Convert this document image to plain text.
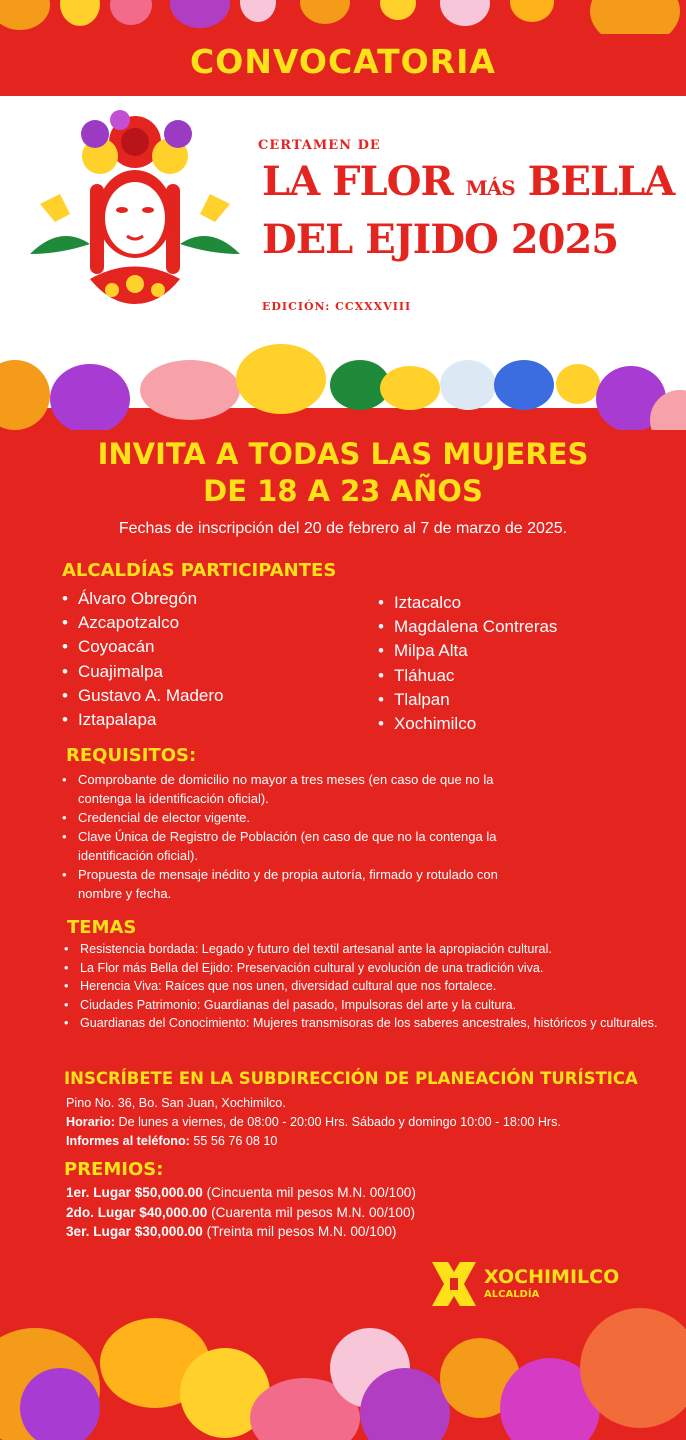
CONVOCATORIA
CERTAMEN DE
LA FLOR MÁS BELLA
DEL EJIDO 2025
EDICIÓN: CCXXXVIII
INVITA A TODAS LAS MUJERES
DE 18 A 23 AÑOS
Fechas de inscripción del 20 de febrero al 7 de marzo de 2025.
ALCALDÍAS PARTICIPANTES
• Álvaro Obregón
• Azcapotzalco
• Coyoacán
• Cuajimalpa
• Gustavo A. Madero
• Iztapalapa
• Iztacalco
• Magdalena Contreras
• Milpa Alta
• Tláhuac
• Tlalpan
• Xochimilco
REQUISITOS:
• Comprobante de domicilio no mayor a tres meses (en caso de que no la contenga la identificación oficial).
• Credencial de elector vigente.
• Clave Única de Registro de Población (en caso de que no la contenga la identificación oficial).
• Propuesta de mensaje inédito y de propia autoría, firmado y rotulado con nombre y fecha.
TEMAS
• Resistencia bordada: Legado y futuro del textil artesanal ante la apropiación cultural.
• La Flor más Bella del Ejido: Preservación cultural y evolución de una tradición viva.
• Herencia Viva: Raíces que nos unen, diversidad cultural que nos fortalece.
• Ciudades Patrimonio: Guardianas del pasado, Impulsoras del arte y la cultura.
• Guardianas del Conocimiento: Mujeres transmisoras de los saberes ancestrales, históricos y culturales.
INSCRÍBETE EN LA SUBDIRECCIÓN DE PLANEACIÓN TURÍSTICA
Pino No. 36, Bo. San Juan, Xochimilco.
Horario: De lunes a viernes, de 08:00 - 20:00 Hrs. Sábado y domingo 10:00 - 18:00 Hrs.
Informes al teléfono: 55 56 76 08 10
PREMIOS:
1er. Lugar $50,000.00 (Cincuenta mil pesos M.N. 00/100)
2do. Lugar $40,000.00 (Cuarenta mil pesos M.N. 00/100)
3er. Lugar $30,000.00 (Treinta mil pesos M.N. 00/100)
XOCHIMILCO
ALCALDÍA
